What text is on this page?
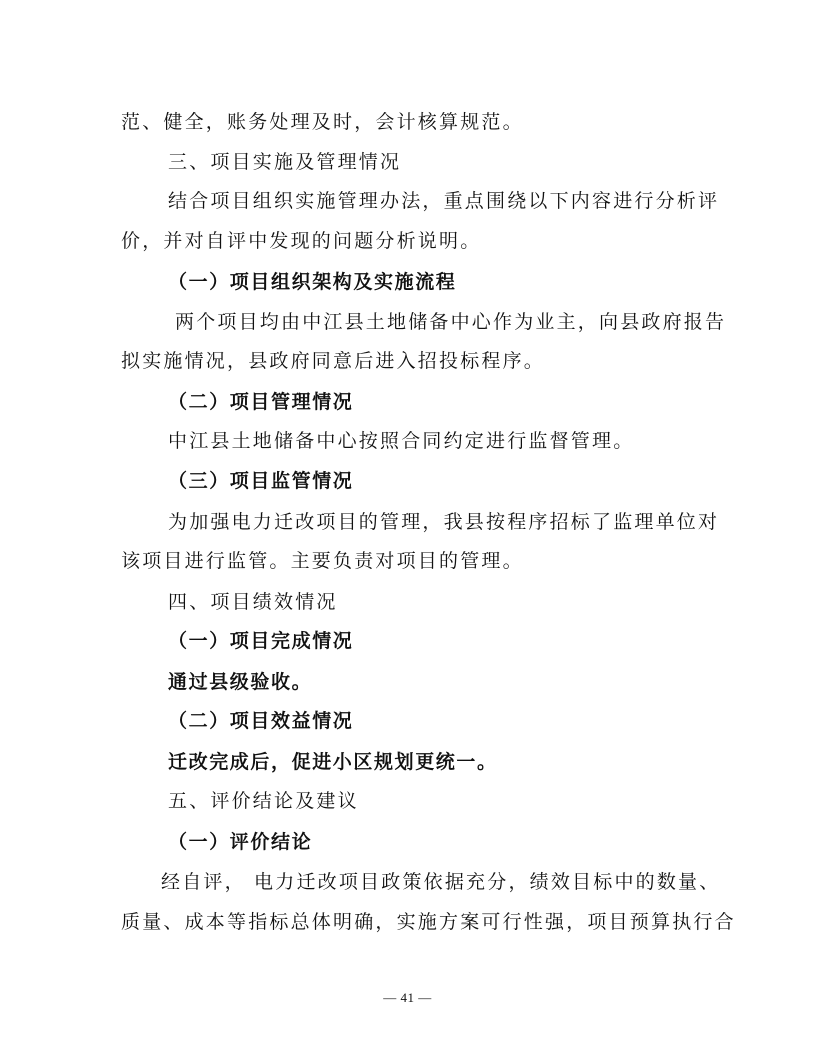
范、健全，账务处理及时，会计核算规范。
三、项目实施及管理情况
结合项目组织实施管理办法，重点围绕以下内容进行分析评
价，并对自评中发现的问题分析说明。
（一）项目组织架构及实施流程
两个项目均由中江县土地储备中心作为业主，向县政府报告
拟实施情况，县政府同意后进入招投标程序。
（二）项目管理情况
中江县土地储备中心按照合同约定进行监督管理。
（三）项目监管情况
为加强电力迁改项目的管理，我县按程序招标了监理单位对
该项目进行监管。主要负责对项目的管理。
四、项目绩效情况
（一）项目完成情况
通过县级验收。
（二）项目效益情况
迁改完成后，促进小区规划更统一。
五、评价结论及建议
（一）评价结论
经自评， 电力迁改项目政策依据充分，绩效目标中的数量、
质量、成本等指标总体明确，实施方案可行性强，项目预算执行合
— 41 —
